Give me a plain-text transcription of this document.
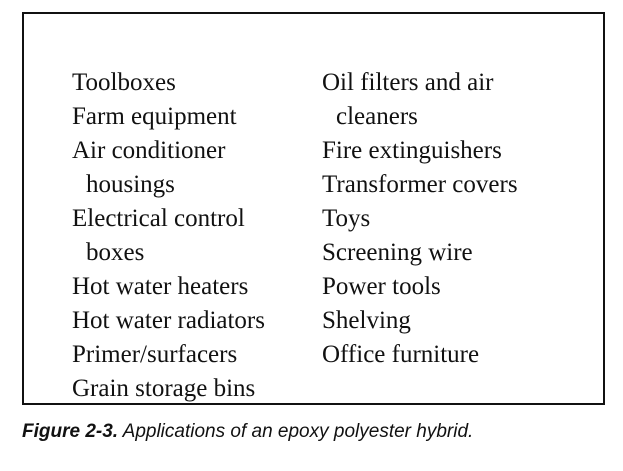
Toolboxes
Farm equipment
Air conditioner
housings
Electrical control
boxes
Hot water heaters
Hot water radiators
Primer/surfacers
Grain storage bins
Oil filters and air
cleaners
Fire extinguishers
Transformer covers
Toys
Screening wire
Power tools
Shelving
Office furniture
Figure 2-3. Applications of an epoxy polyester hybrid.
